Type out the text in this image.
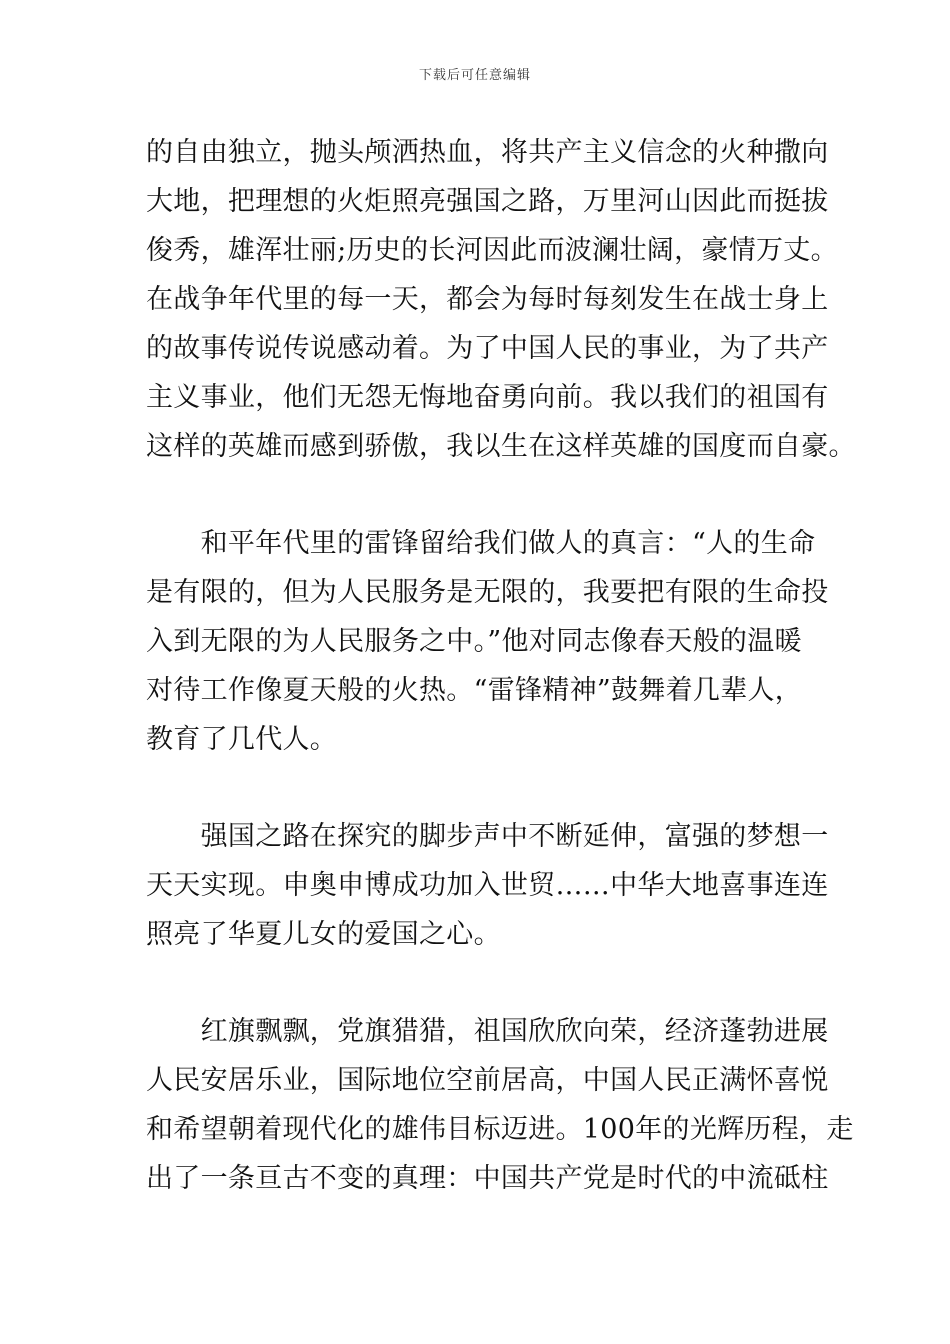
下载后可任意编辑
的自由独立，抛头颅洒热血，将共产主义信念的火种撒向
大地，把理想的火炬照亮强国之路，万里河山因此而挺拔
俊秀，雄浑壮丽;历史的长河因此而波澜壮阔，豪情万丈。
在战争年代里的每一天，都会为每时每刻发生在战士身上
的故事传说传说感动着。为了中国人民的事业，为了共产
主义事业，他们无怨无悔地奋勇向前。我以我们的祖国有
这样的英雄而感到骄傲，我以生在这样英雄的国度而自豪。
　　和平年代里的雷锋留给我们做人的真言：“人的生命
是有限的，但为人民服务是无限的，我要把有限的生命投
入到无限的为人民服务之中。”他对同志像春天般的温暖
对待工作像夏天般的火热。“雷锋精神”鼓舞着几辈人，
教育了几代人。
　　强国之路在探究的脚步声中不断延伸，富强的梦想一
天天实现。申奥申博成功加入世贸……中华大地喜事连连
照亮了华夏儿女的爱国之心。
　　红旗飘飘，党旗猎猎，祖国欣欣向荣，经济蓬勃进展
人民安居乐业，国际地位空前居高，中国人民正满怀喜悦
和希望朝着现代化的雄伟目标迈进。100年的光辉历程，走
出了一条亘古不变的真理：中国共产党是时代的中流砥柱
